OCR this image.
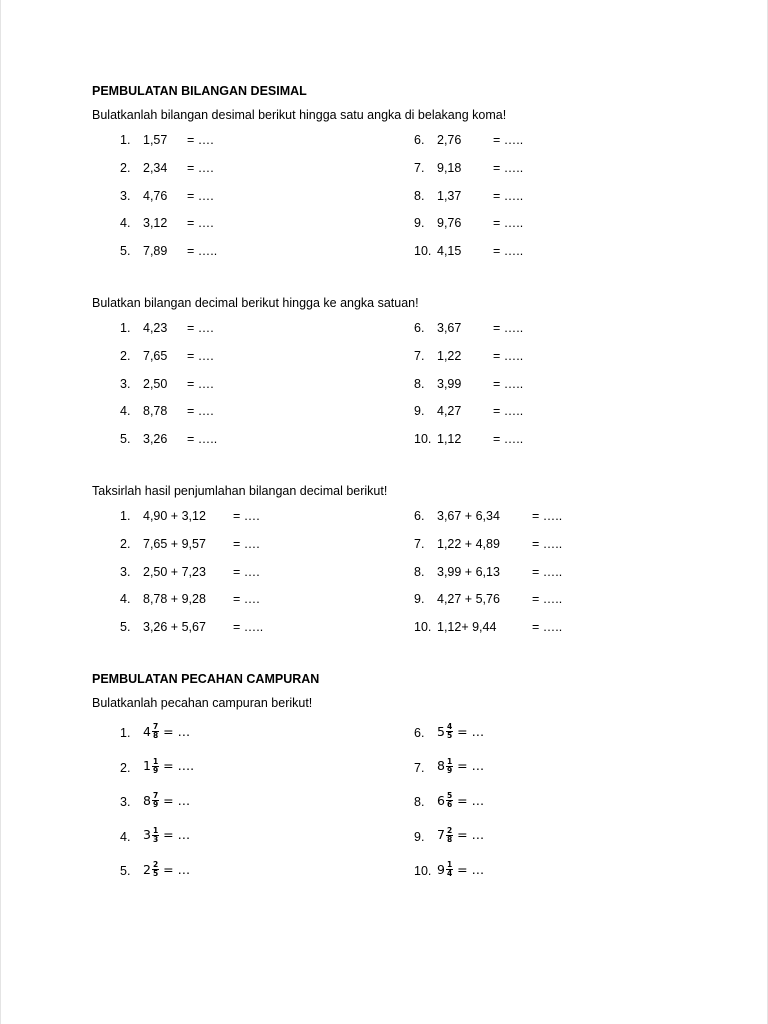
PEMBULATAN BILANGAN DESIMAL
Bulatkanlah bilangan desimal berikut hingga satu angka di belakang koma!
1. 1,57 = ….
2. 2,34 = ….
3. 4,76 = ….
4. 3,12 = ….
5. 7,89 = …..
6. 2,76	= …..
7. 9,18	= …..
8. 1,37	= …..
9. 9,76	= …..
10. 4,15	= …..
Bulatkan bilangan decimal berikut hingga ke angka satuan!
1. 4,23 = ….
2. 7,65 = ….
3. 2,50 = ….
4. 8,78 = ….
5. 3,26 = …..
6. 3,67	= …..
7. 1,22	= …..
8. 3,99	= …..
9. 4,27	= …..
10. 1,12	= …..
Taksirlah hasil penjumlahan bilangan decimal berikut!
1. 4,90 + 3,12 = ….
2. 7,65 + 9,57 = ….
3. 2,50 + 7,23 = ….
4. 8,78 + 9,28 = ….
5. 3,26 + 5,67 = …..
6. 3,67 + 6,34	= …..
7. 1,22 + 4,89	= …..
8. 3,99 + 6,13	= …..
9. 4,27 + 5,76	= …..
10. 1,12+ 9,44	= …..
PEMBULATAN PECAHAN CAMPURAN
Bulatkanlah pecahan campuran berikut!
1. $4 \frac{7}{8}$ = …
2. $1 \frac{1}{9}$ = ….
3. $8 \frac{7}{9}$ = …
4. $3 \frac{1}{3}$ = …
5. $2 \frac{2}{5}$ = …
6. $5 \frac{4}{5}$ = …
7. $8 \frac{1}{9}$ = …
8. $6 \frac{5}{6}$ = …
9. $7 \frac{2}{8}$ = …
10. $9 \frac{1}{4}$ = …
